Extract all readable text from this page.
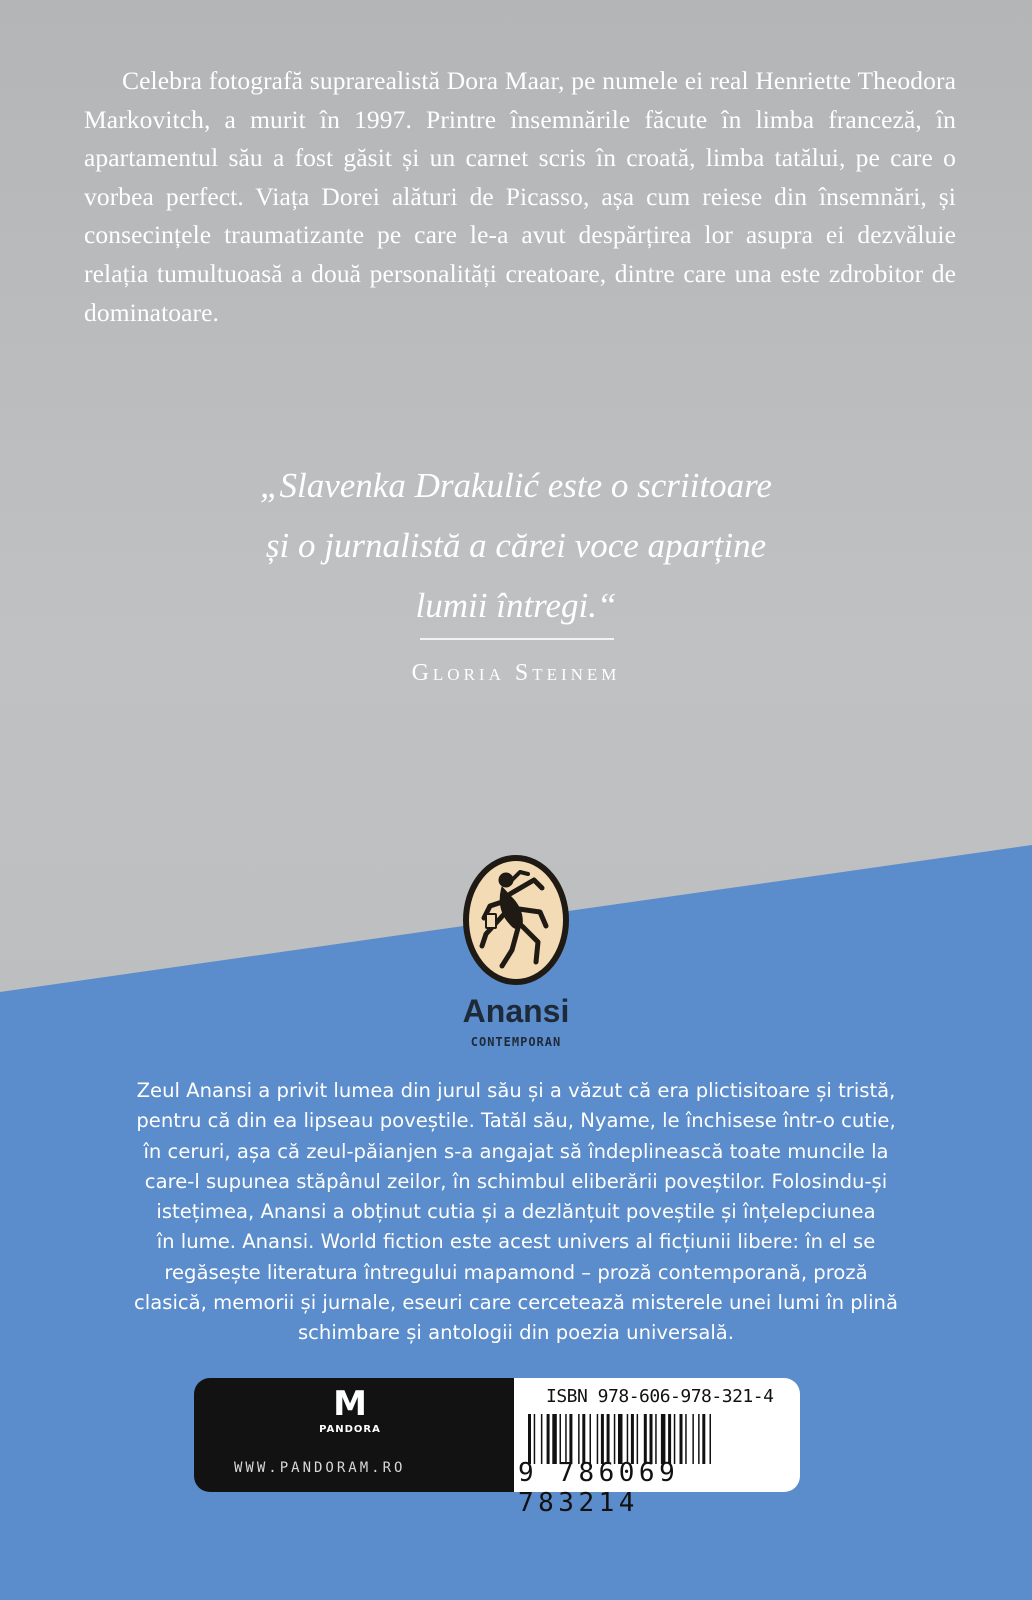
Celebra fotografă suprarealistă Dora Maar, pe numele ei real Henriette Theodora Markovitch, a murit în 1997. Printre însemnările făcute în limba franceză, în apartamentul său a fost găsit și un carnet scris în croată, limba tatălui, pe care o vorbea perfect. Viața Dorei alături de Picasso, așa cum reiese din însemnări, și consecințele traumatizante pe care le-a avut despărțirea lor asupra ei dezvăluie relația tumultuoasă a două personalități creatoare, dintre care una este zdrobitor de dominatoare.

„Slavenka Drakulić este o scriitoare
și o jurnalistă a cărei voce aparține
lumii întregi.“

Gloria Steinem
Anansi
CONTEMPORAN

Zeul Anansi a privit lumea din jurul său și a văzut că era plictisitoare și tristă,
pentru că din ea lipseau poveștile. Tatăl său, Nyame, le închisese într-o cutie,
în ceruri, așa că zeul-păianjen s-a angajat să îndeplinească toate muncile la
care-l supunea stăpânul zeilor, în schimbul eliberării poveștilor. Folosindu-și
istețimea, Anansi a obținut cutia și a dezlănțuit poveștile și înțelepciunea
în lume. Anansi. World fiction este acest univers al ficțiunii libere: în el se
regăsește literatura întregului mapamond – proză contemporană, proză
clasică, memorii și jurnale, eseuri care cercetează misterele unei lumi în plină
schimbare și antologii din poezia universală.

M
PANDORA
WWW.PANDORAM.RO
ISBN 978-606-978-321-4
9 786069 783214
